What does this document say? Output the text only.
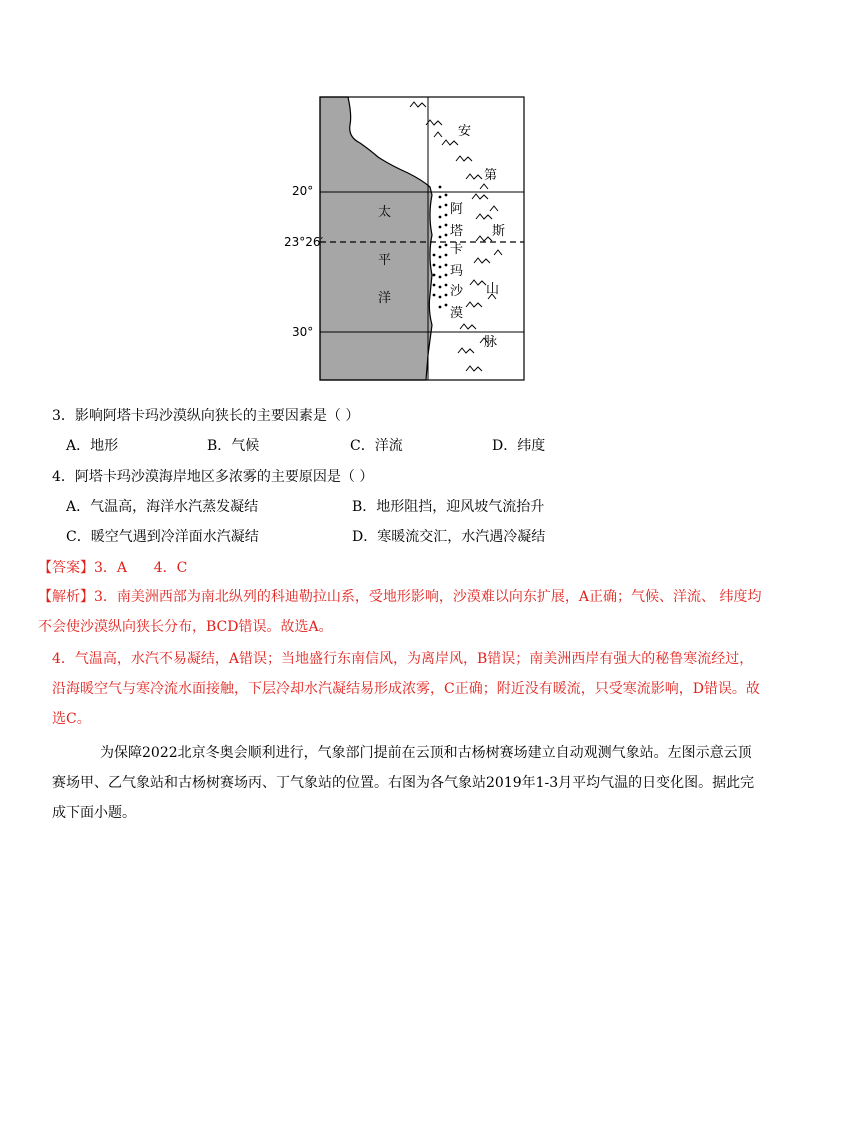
20°
23°26′
30°
太
平
洋
阿
塔
卡
玛
沙
漠
安
第
斯
山
脉
3．影响阿塔卡玛沙漠纵向狭长的主要因素是（ ）
A．地形	B．气候	C．洋流	D．纬度
4．阿塔卡玛沙漠海岸地区多浓雾的主要原因是（ ）
A．气温高，海洋水汽蒸发凝结	B．地形阻挡，迎风坡气流抬升
C．暖空气遇到冷洋面水汽凝结	D．寒暖流交汇，水汽遇冷凝结
【答案】3．A      4．C
【解析】3．南美洲西部为南北纵列的科迪勒拉山系，受地形影响，沙漠难以向东扩展，A正确；气候、洋流、 纬度均不会使沙漠纵向狭长分布，BCD错误。故选A。
4．气温高，水汽不易凝结，A错误；当地盛行东南信风，为离岸风，B错误；南美洲西岸有强大的秘鲁寒流经过，沿海暖空气与寒冷流水面接触，下层冷却水汽凝结易形成浓雾，C正确；附近没有暖流，只受寒流影响，D错误。故选C。
为保障2022北京冬奥会顺利进行，气象部门提前在云顶和古杨树赛场建立自动观测气象站。左图示意云顶赛场甲、乙气象站和古杨树赛场丙、丁气象站的位置。右图为各气象站2019年1-3月平均气温的日变化图。据此完成下面小题。
